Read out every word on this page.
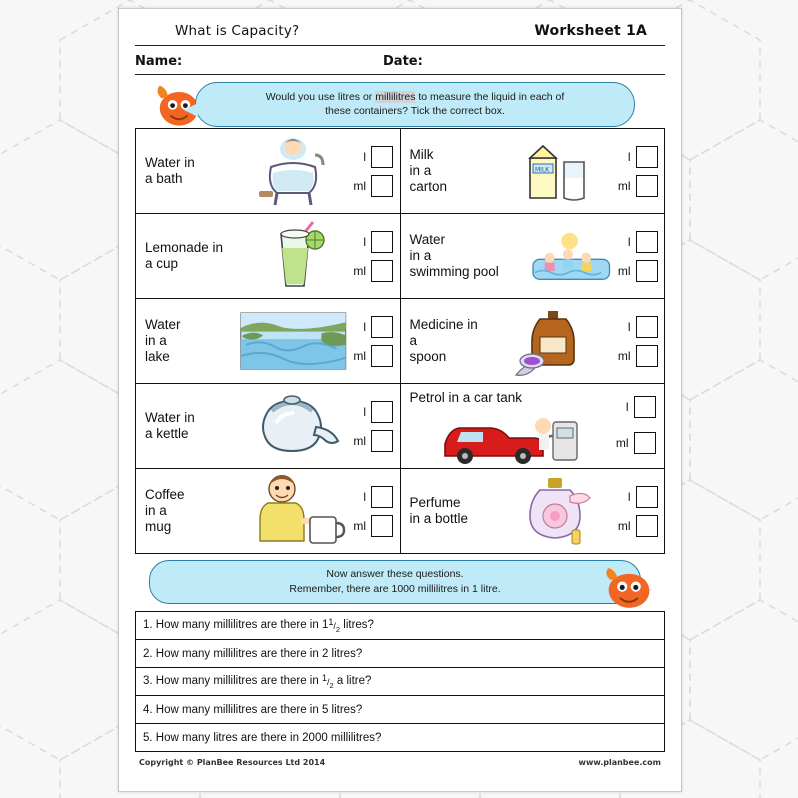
What is Capacity?	Worksheet 1A
Name:	Date:
Would you use litres or millilitres to measure the liquid in each of
these containers? Tick the correct box.
Water in
a bath
l
ml

Milk
in a
carton
MILK
l
ml

Lemonade in
a cup
l
ml

Water
in a
swimming pool
l
ml

Water
in a
lake
l
ml

Medicine in
a
spoon
l
ml

Water in
a kettle
l
ml

Petrol in a car tank
l
ml

Coffee
in a
mug
l
ml

Perfume
in a bottle
l
ml
Now answer these questions.
Remember, there are 1000 millilitres in 1 litre.
1. How many millilitres are there in $1^1/_2$ litres?
2. How many millilitres are there in 2 litres?
3. How many millilitres are there in $^1/_2$ a litre?
4. How many millilitres are there in 5 litres?
5. How many litres are there in 2000 millilitres?
Copyright © PlanBee Resources Ltd 2014	www.planbee.com
